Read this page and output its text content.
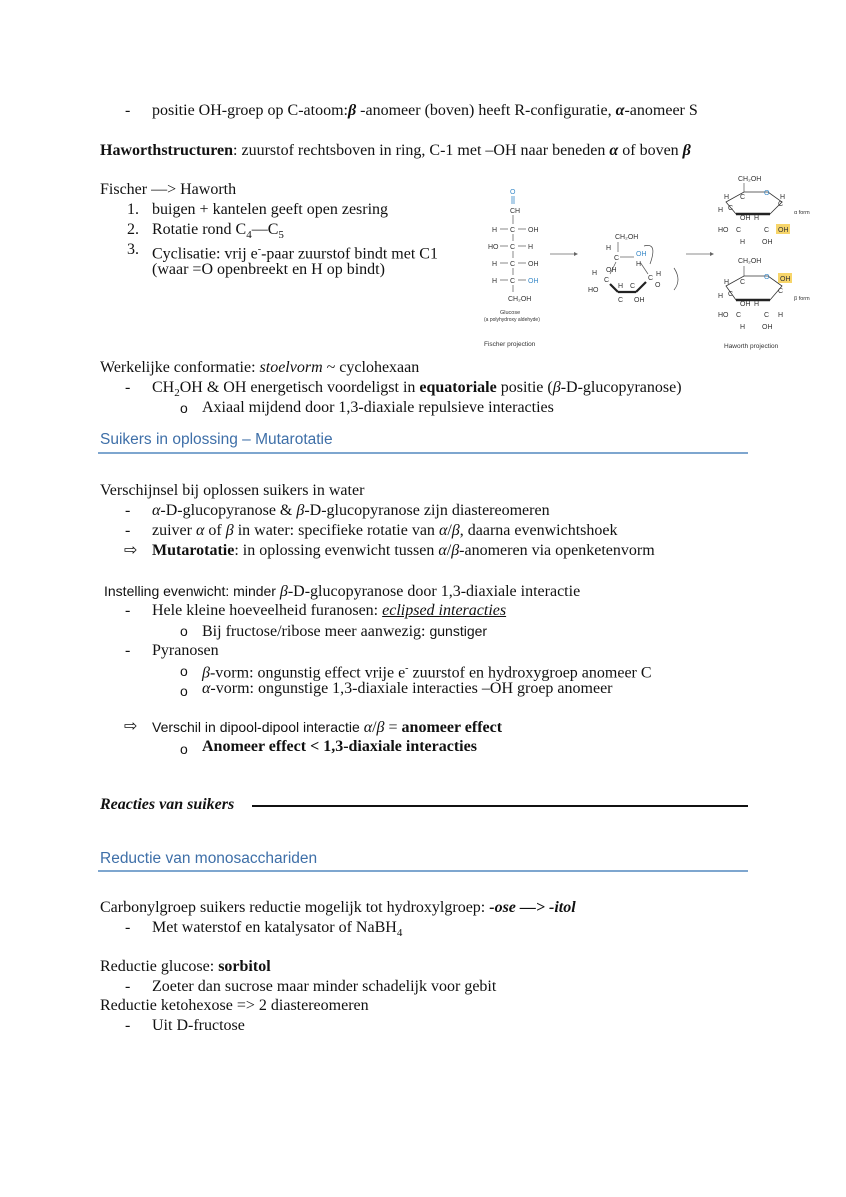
- positie OH-groep op C-atoom:β -anomeer (boven) heeft R-configuratie, α-anomeer S
Haworthstructuren: zuurstof rechtsboven in ring, C-1 met –OH naar beneden α of boven β
Fischer —> Haworth
1. buigen + kantelen geeft open zesring
2. Rotatie rond $C_4—C_5$
3. Cyclisatie: vrij e--paar zuurstof bindt met C1
(waar =O openbreekt en H op bindt)
O
CH
H C OH
HO C H
H C OH
H C OH
CH₂OH
Glucose
(a polyhydroxy aldehyde)
Fischer projection
CH₂OH
H
C
OH
H
H
C
HO
OH
H
C
C
OH
C
H
O
CH₂OH
O
H C	H
C
H C
OH H
HO C	C OH
H OH
α form
CH₂OH
O OH
H C
C
H C
OH H
HO C	C H
H OH
β form
Haworth projection
Werkelijke conformatie: stoelvorm ~ cyclohexaan
- $CH_2OH$ & OH energetisch voordeligst in equatoriale positie (β-D-glucopyranose)
o Axiaal mijdend door 1,3-diaxiale repulsieve interacties
Suikers in oplossing – Mutarotatie
Verschijnsel bij oplossen suikers in water
- α-D-glucopyranose & β-D-glucopyranose zijn diastereomeren
- zuiver α of β in water: specifieke rotatie van α/β, daarna evenwichtshoek
⇨ Mutarotatie: in oplossing evenwicht tussen α/β-anomeren via openketenvorm
Instelling evenwicht: minder β-D-glucopyranose door 1,3-diaxiale interactie
- Hele kleine hoeveelheid furanosen: eclipsed interacties
o Bij fructose/ribose meer aanwezig: gunstiger
- Pyranosen
o β-vorm: ongunstig effect vrije e- zuurstof en hydroxygroep anomeer C
o α-vorm: ongunstige 1,3-diaxiale interacties –OH groep anomeer
⇨ Verschil in dipool-dipool interactie α/β = anomeer effect
o Anomeer effect < 1,3-diaxiale interacties
Reacties van suikers
Reductie van monosacchariden
Carbonylgroep suikers reductie mogelijk tot hydroxylgroep: -ose —> -itol
- Met waterstof en katalysator of NaBH$_4$
Reductie glucose: sorbitol
- Zoeter dan sucrose maar minder schadelijk voor gebit
Reductie ketohexose => 2 diastereomeren
- Uit D-fructose
